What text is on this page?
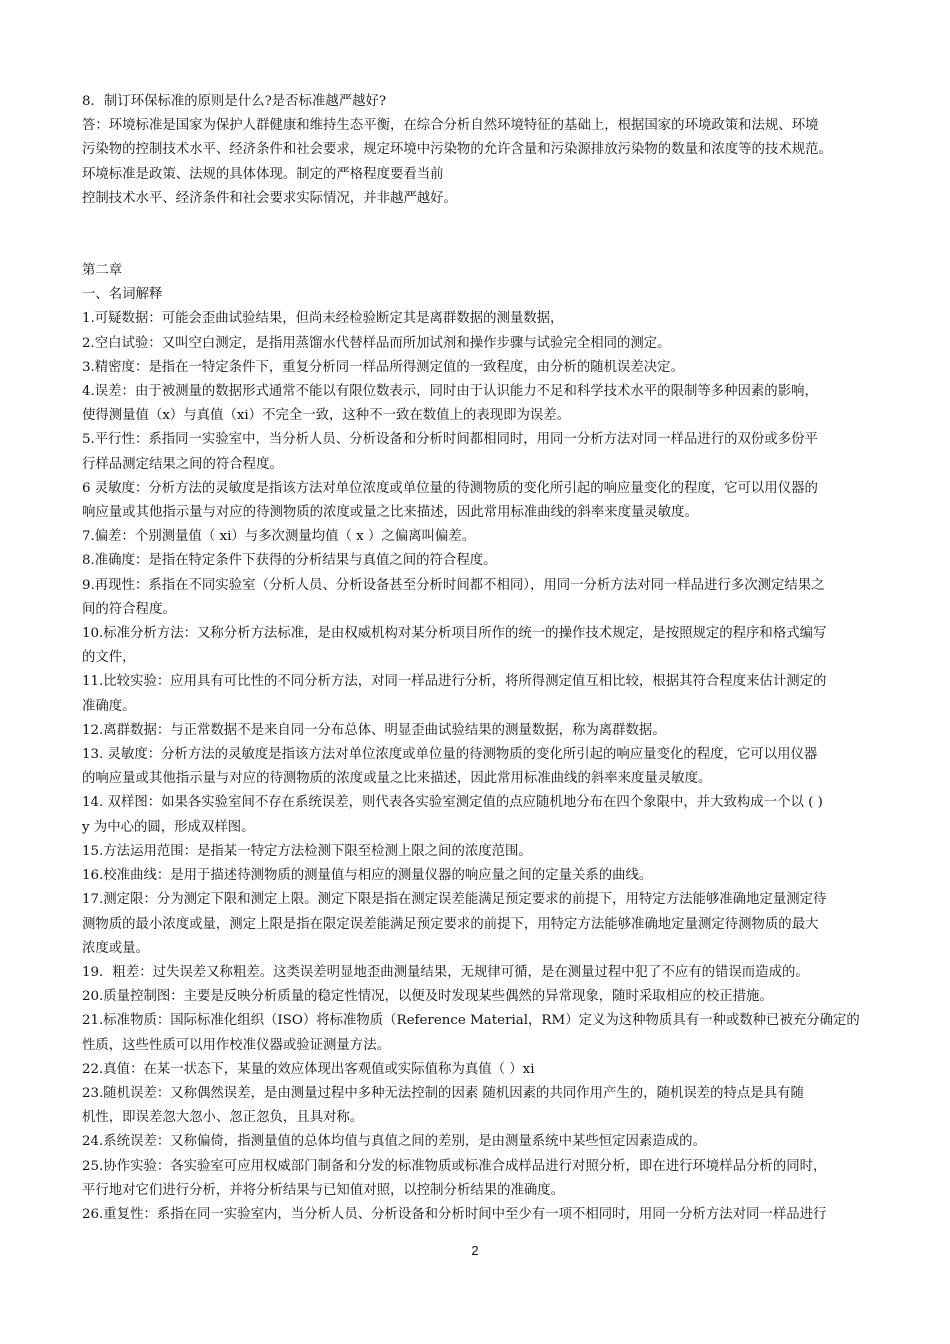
8．制订环保标准的原则是什么?是否标准越严越好?

答：环境标准是国家为保护人群健康和维持生态平衡，在综合分析自然环境特征的基础上，根据国家的环境政策和法规、环境

污染物的控制技术水平、经济条件和社会要求，规定环境中污染物的允许含量和污染源排放污染物的数量和浓度等的技术规范。

环境标准是政策、法规的具体体现。制定的严格程度要看当前

控制技术水平、经济条件和社会要求实际情况，并非越严越好。

第二章

一、名词解释

1.可疑数据：可能会歪曲试验结果，但尚未经检验断定其是离群数据的测量数据，

2.空白试验：又叫空白测定，是指用蒸馏水代替样品而所加试剂和操作步骤与试验完全相同的测定。

3.精密度：是指在一特定条件下，重复分析同一样品所得测定值的一致程度，由分析的随机误差决定。

4.误差：由于被测量的数据形式通常不能以有限位数表示，同时由于认识能力不足和科学技术水平的限制等多种因素的影响，

使得测量值（x）与真值（xi）不完全一致，这种不一致在数值上的表现即为误差。

5.平行性：系指同一实验室中，当分析人员、分析设备和分析时间都相同时，用同一分析方法对同一样品进行的双份或多份平

行样品测定结果之间的符合程度。

6 灵敏度：分析方法的灵敏度是指该方法对单位浓度或单位量的待测物质的变化所引起的响应量变化的程度，它可以用仪器的

响应量或其他指示量与对应的待测物质的浓度或量之比来描述，因此常用标准曲线的斜率来度量灵敏度。

7.偏差：个别测量值（ xi）与多次测量均值（ x ）之偏离叫偏差。

8.准确度：是指在特定条件下获得的分析结果与真值之间的符合程度。

9.再现性：系指在不同实验室（分析人员、分析设备甚至分析时间都不相同），用同一分析方法对同一样品进行多次测定结果之

间的符合程度。

10.标准分析方法：又称分析方法标准，是由权威机构对某分析项目所作的统一的操作技术规定，是按照规定的程序和格式编写

的文件，

11.比较实验：应用具有可比性的不同分析方法，对同一样品进行分析，将所得测定值互相比较，根据其符合程度来估计测定的

准确度。

12.离群数据：与正常数据不是来自同一分布总体、明显歪曲试验结果的测量数据，称为离群数据。

13. 灵敏度：分析方法的灵敏度是指该方法对单位浓度或单位量的待测物质的变化所引起的响应量变化的程度，它可以用仪器

的响应量或其他指示量与对应的待测物质的浓度或量之比来描述，因此常用标准曲线的斜率来度量灵敏度。

14. 双样图：如果各实验室间不存在系统误差，则代表各实验室测定值的点应随机地分布在四个象限中，并大致构成一个以 ( )

y 为中心的圆，形成双样图。

15.方法运用范围：是指某一特定方法检测下限至检测上限之间的浓度范围。

16.校准曲线：是用于描述待测物质的测量值与相应的测量仪器的响应量之间的定量关系的曲线。

17.测定限：分为测定下限和测定上限。测定下限是指在测定误差能满足预定要求的前提下，用特定方法能够准确地定量测定待

测物质的最小浓度或量，测定上限是指在限定误差能满足预定要求的前提下，用特定方法能够准确地定量测定待测物质的最大

浓度或量。

19．粗差：过失误差又称粗差。这类误差明显地歪曲测量结果，无规律可循，是在测量过程中犯了不应有的错误而造成的。

20.质量控制图：主要是反映分析质量的稳定性情况，以便及时发现某些偶然的异常现象，随时采取相应的校正措施。

21.标准物质：国际标准化组织（ISO）将标准物质（Reference Material，RM）定义为这种物质具有一种或数种已被充分确定的

性质，这些性质可以用作校准仪器或验证测量方法。

22.真值：在某一状态下，某量的效应体现出客观值或实际值称为真值（ ）xi

23.随机误差：又称偶然误差，是由测量过程中多种无法控制的因素 随机因素的共同作用产生的，随机误差的特点是具有随

机性，即误差忽大忽小、忽正忽负，且具对称。

24.系统误差：又称偏倚，指测量值的总体均值与真值之间的差别，是由测量系统中某些恒定因素造成的。

25.协作实验：各实验室可应用权威部门制备和分发的标准物质或标准合成样品进行对照分析，即在进行环境样品分析的同时，

平行地对它们进行分析，并将分析结果与已知值对照，以控制分析结果的准确度。

26.重复性：系指在同一实验室内，当分析人员、分析设备和分析时间中至少有一项不相同时，用同一分析方法对同一样品进行

2
